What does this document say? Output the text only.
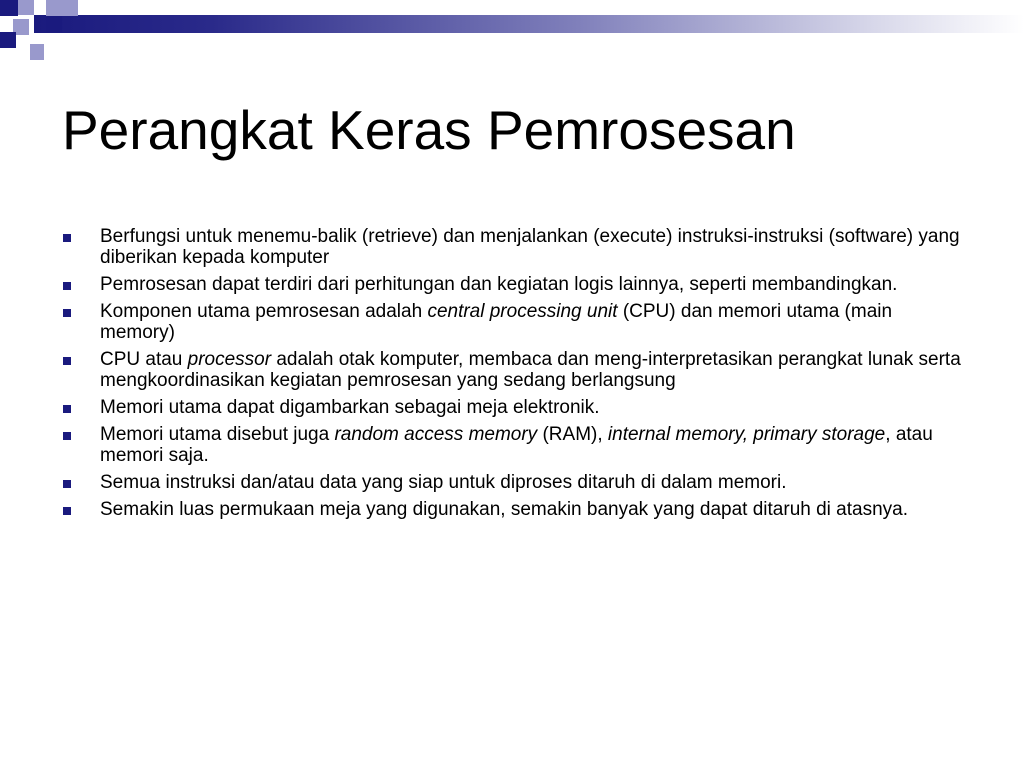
Perangkat Keras Pemrosesan
Berfungsi untuk menemu-balik (retrieve) dan menjalankan (execute) instruksi-instruksi (software) yang diberikan kepada komputer
Pemrosesan dapat terdiri dari perhitungan dan kegiatan logis lainnya, seperti membandingkan.
Komponen utama pemrosesan adalah central processing unit (CPU) dan memori utama (main memory)
CPU atau processor adalah otak komputer, membaca dan meng-interpretasikan perangkat lunak serta mengkoordinasikan kegiatan pemrosesan yang sedang berlangsung
Memori utama dapat digambarkan sebagai meja elektronik.
Memori utama disebut juga random access memory (RAM), internal memory, primary storage, atau memori saja.
Semua instruksi dan/atau data yang siap untuk diproses ditaruh di dalam memori.
Semakin luas permukaan meja yang digunakan, semakin banyak yang dapat ditaruh di atasnya.
